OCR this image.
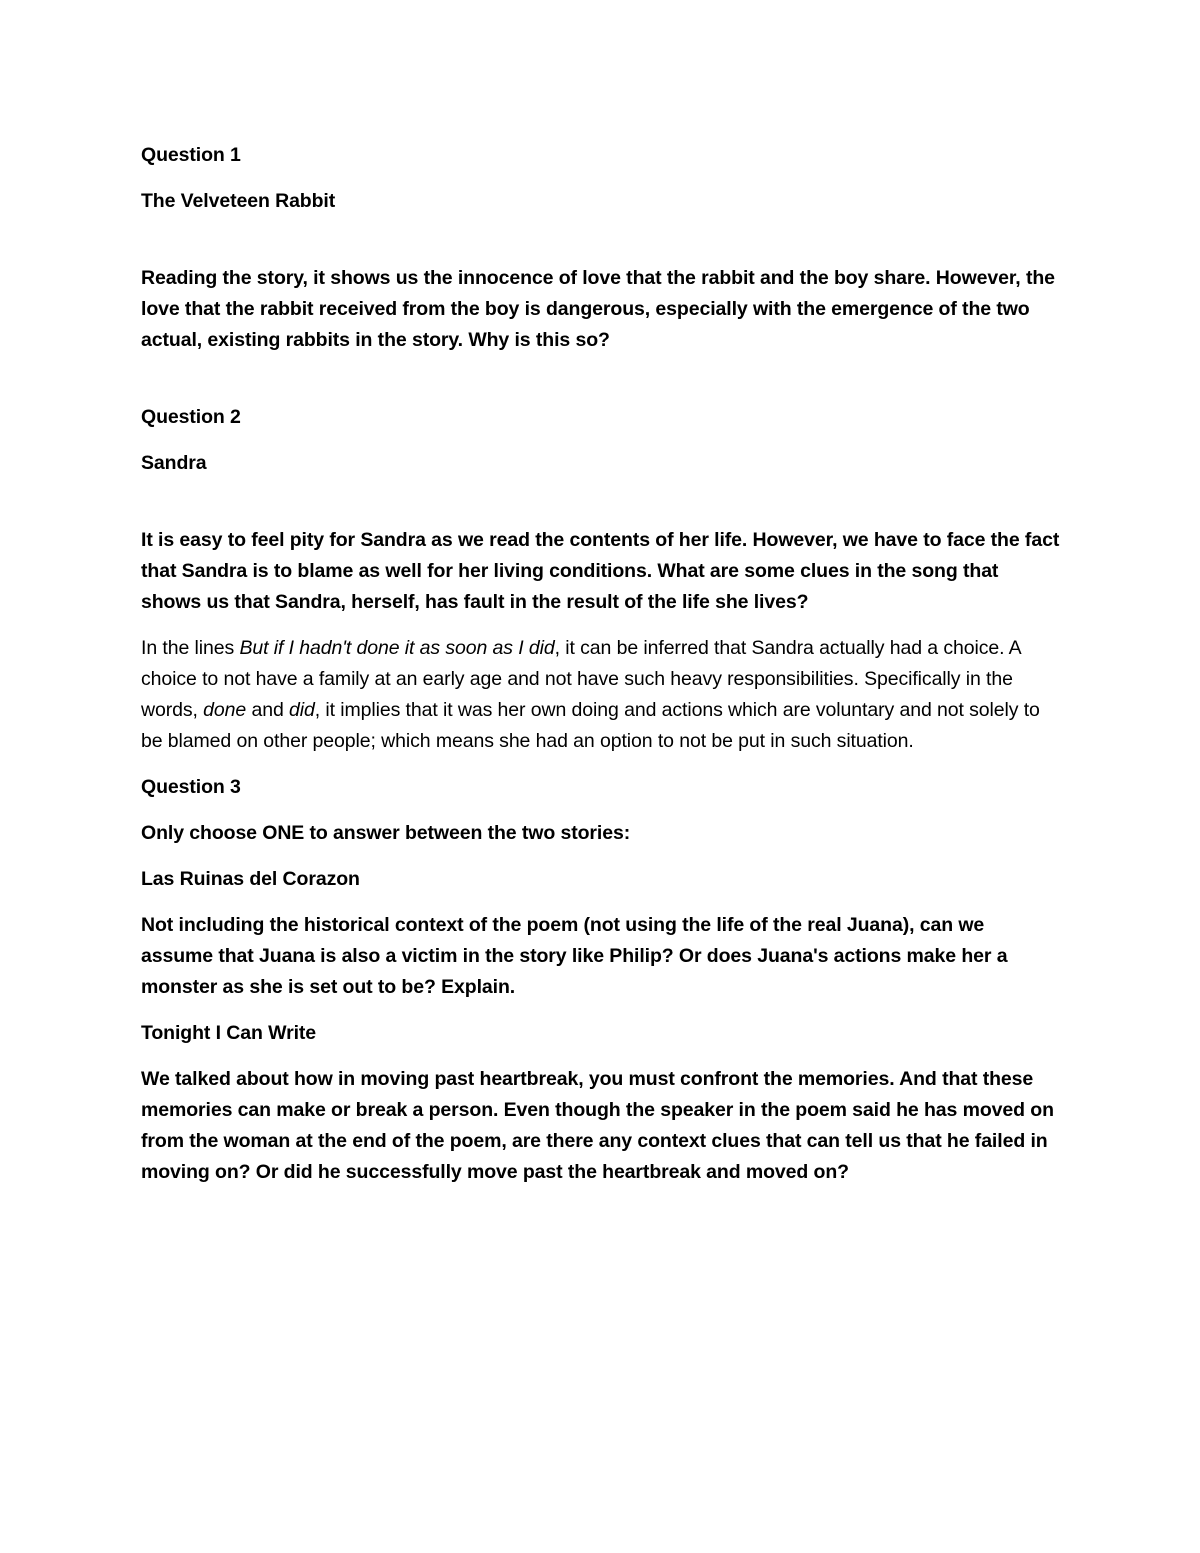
Question 1

The Velveteen Rabbit

Reading the story, it shows us the innocence of love that the rabbit and the boy share. However, the love that the rabbit received from the boy is dangerous, especially with the emergence of the two actual, existing rabbits in the story. Why is this so?

Question 2

Sandra

It is easy to feel pity for Sandra as we read the contents of her life. However, we have to face the fact that Sandra is to blame as well for her living conditions. What are some clues in the song that shows us that Sandra, herself, has fault in the result of the life she lives?

In the lines But if I hadn't done it as soon as I did, it can be inferred that Sandra actually had a choice. A choice to not have a family at an early age and not have such heavy responsibilities. Specifically in the words, done and did, it implies that it was her own doing and actions which are voluntary and not solely to be blamed on other people; which means she had an option to not be put in such situation.

Question 3

Only choose ONE to answer between the two stories:

Las Ruinas del Corazon

Not including the historical context of the poem (not using the life of the real Juana), can we assume that Juana is also a victim in the story like Philip? Or does Juana's actions make her a monster as she is set out to be? Explain.

Tonight I Can Write

We talked about how in moving past heartbreak, you must confront the memories. And that these memories can make or break a person. Even though the speaker in the poem said he has moved on from the woman at the end of the poem, are there any context clues that can tell us that he failed in moving on? Or did he successfully move past the heartbreak and moved on?
